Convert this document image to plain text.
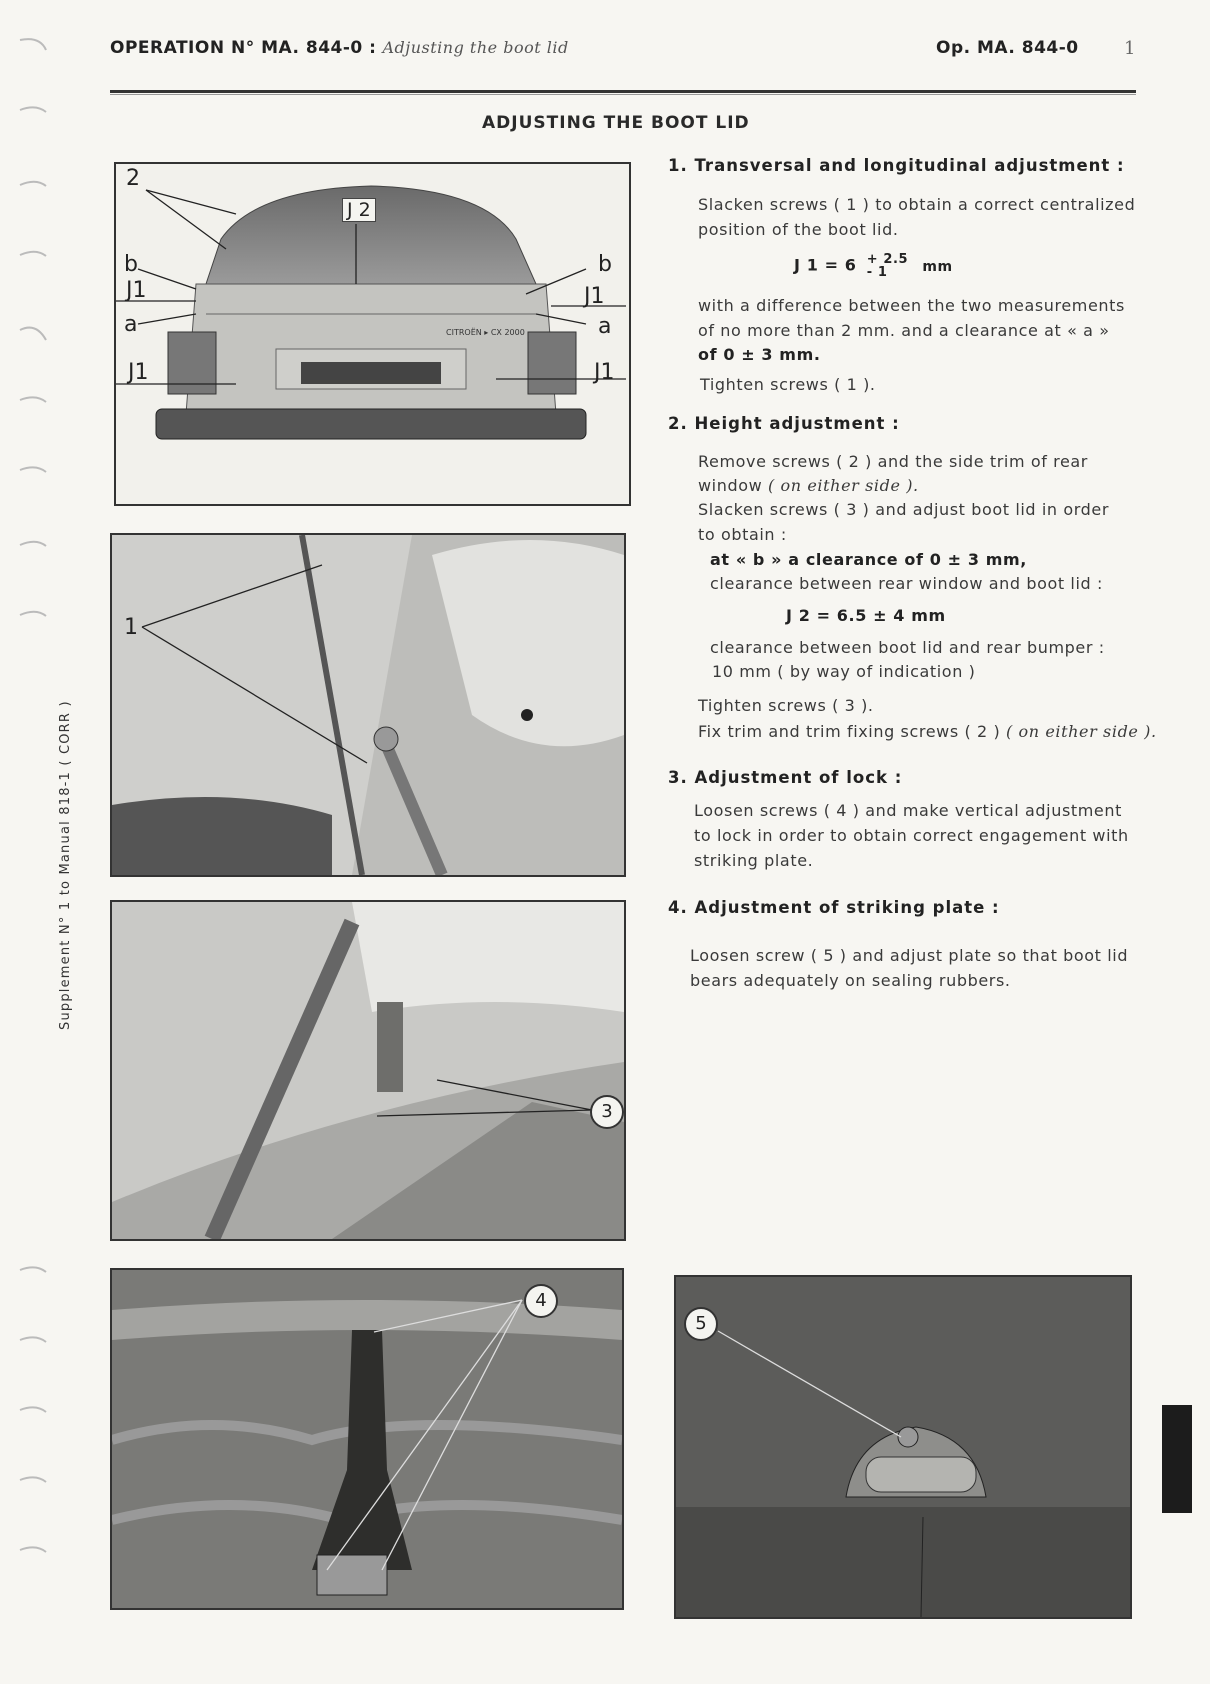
OPERATION N° MA. 844-0 : Adjusting the boot lid	Op. MA. 844-0	1
ADJUSTING THE BOOT LID
Supplement N° 1 to Manual 818-1 ( CORR )
2
J 2
b	b
J1	J1
a	a
J1	J1
CITROËN ▸ CX 2000
1
3
4
5
1. Transversal and longitudinal adjustment :
Slacken screws ( 1 ) to obtain a correct centralized position of the boot lid.
J 1 = 6 + 2.5
- 1	mm
with a difference between the two measurements of no more than 2 mm. and a clearance at « a »
of 0 ± 3 mm.
Tighten screws ( 1 ).
2. Height adjustment :
Remove screws ( 2 ) and the side trim of rear
window ( on either side ).
Slacken screws ( 3 ) and adjust boot lid in order to obtain :
at « b » a clearance of 0 ± 3 mm,
clearance between rear window and boot lid :
J 2 = 6.5 ± 4 mm
clearance between boot lid and rear bumper :
10 mm ( by way of indication )
Tighten screws ( 3 ).
Fix trim and trim fixing screws ( 2 ) ( on either side ).
3. Adjustment of lock :
Loosen screws ( 4 ) and make vertical adjustment to lock in order to obtain correct engagement with striking plate.
4. Adjustment of striking plate :
Loosen screw ( 5 ) and adjust plate so that boot lid bears adequately on sealing rubbers.
